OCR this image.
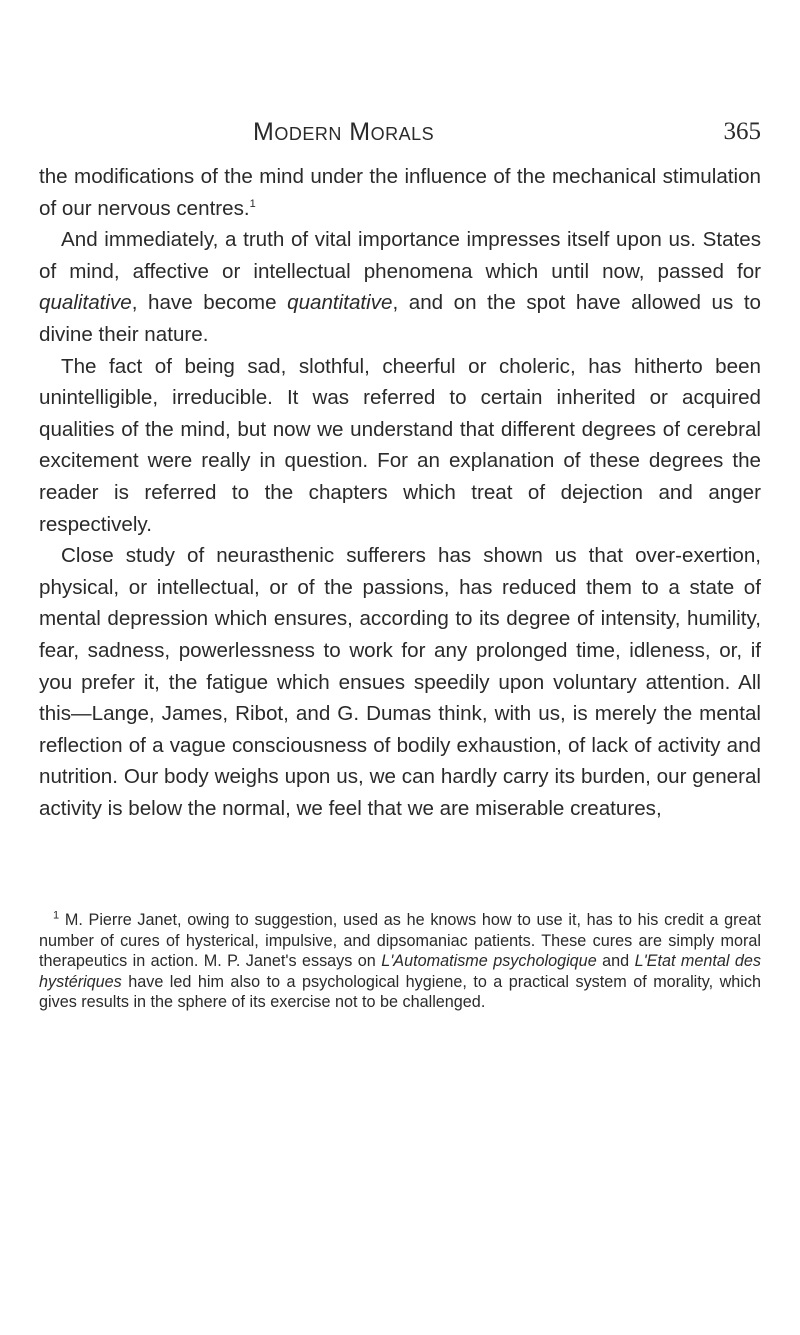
Modern Morals	365

the modifications of the mind under the influence of the mechanical stimulation of our nervous centres.$^1$

And immediately, a truth of vital importance impresses itself upon us. States of mind, affective or intellectual phenomena which until now, passed for qualitative, have become quantitative, and on the spot have allowed us to divine their nature.

The fact of being sad, slothful, cheerful or choleric, has hitherto been unintelligible, irreducible. It was referred to certain inherited or acquired qualities of the mind, but now we understand that different degrees of cerebral excitement were really in question. For an explanation of these degrees the reader is referred to the chapters which treat of dejection and anger respectively.

Close study of neurasthenic sufferers has shown us that over-exertion, physical, or intellectual, or of the passions, has reduced them to a state of mental depression which ensures, according to its degree of intensity, humility, fear, sadness, powerlessness to work for any prolonged time, idleness, or, if you prefer it, the fatigue which ensues speedily upon voluntary attention. All this—Lange, James, Ribot, and G. Dumas think, with us, is merely the mental reflection of a vague consciousness of bodily exhaustion, of lack of activity and nutrition. Our body weighs upon us, we can hardly carry its burden, our general activity is below the normal, we feel that we are miserable creatures,

$^1$ M. Pierre Janet, owing to suggestion, used as he knows how to use it, has to his credit a great number of cures of hysterical, impulsive, and dipsomaniac patients. These cures are simply moral therapeutics in action. M. P. Janet's essays on L'Automatisme psychologique and L'Etat mental des hystériques have led him also to a psychological hygiene, to a practical system of morality, which gives results in the sphere of its exercise not to be challenged.
